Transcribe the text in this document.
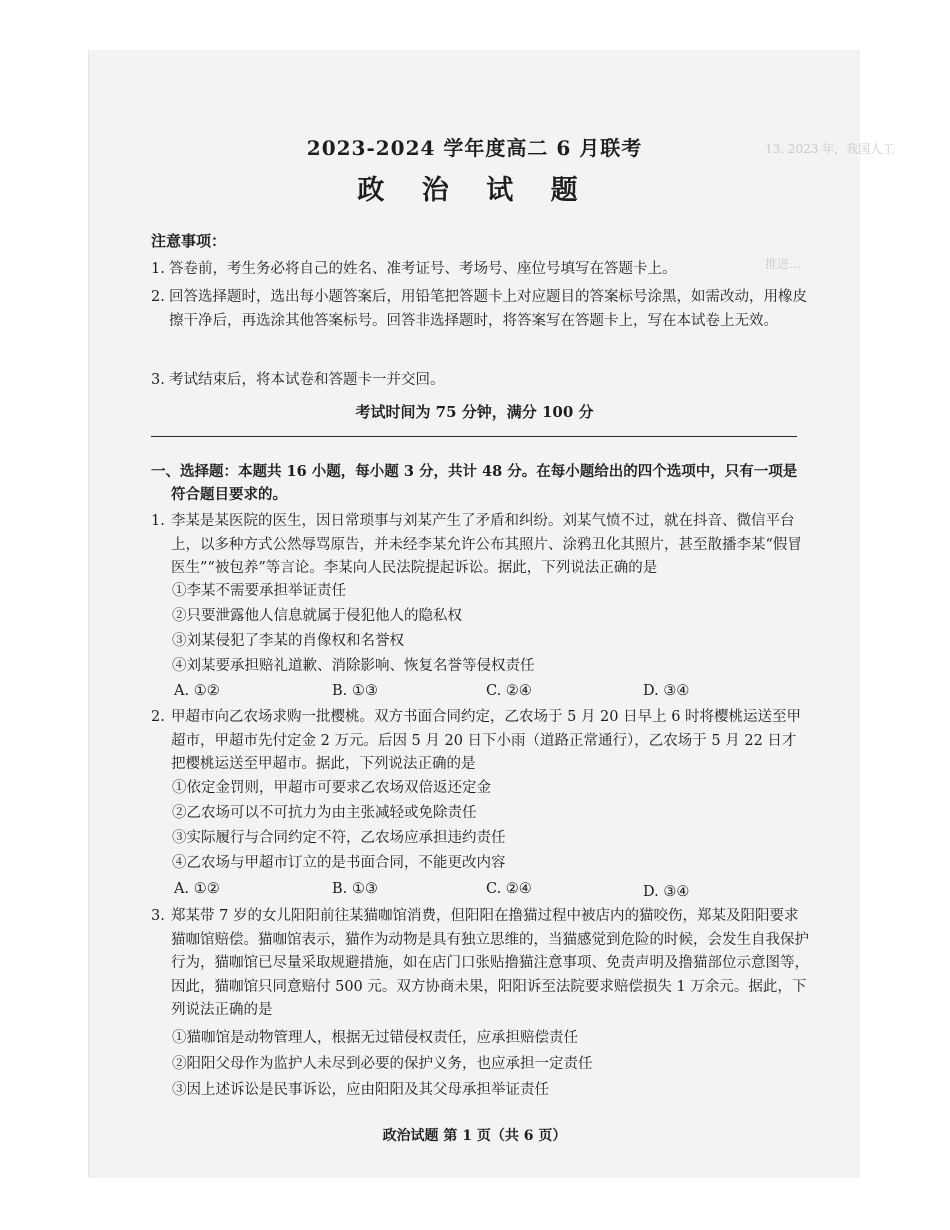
13. 2023 年，我国人工
推进…
2023-2024 学年度高二 6 月联考
政 治 试 题
注意事项：
1. 答卷前，考生务必将自己的姓名、准考证号、考场号、座位号填写在答题卡上。
2. 回答选择题时，选出每小题答案后，用铅笔把答题卡上对应题目的答案标号涂黑，如需改动，用橡皮擦干净后，再选涂其他答案标号。回答非选择题时，将答案写在答题卡上，写在本试卷上无效。
3. 考试结束后，将本试卷和答题卡一并交回。
考试时间为 75 分钟，满分 100 分
一、选择题：本题共 16 小题，每小题 3 分，共计 48 分。在每小题给出的四个选项中，只有一项是符合题目要求的。
1. 李某是某医院的医生，因日常琐事与刘某产生了矛盾和纠纷。刘某气愤不过，就在抖音、微信平台上，以多种方式公然辱骂原告，并未经李某允许公布其照片、涂鸦丑化其照片，甚至散播李某“假冒医生”“被包养”等言论。李某向人民法院提起诉讼。据此，下列说法正确的是
①李某不需要承担举证责任
②只要泄露他人信息就属于侵犯他人的隐私权
③刘某侵犯了李某的肖像权和名誉权
④刘某要承担赔礼道歉、消除影响、恢复名誉等侵权责任
A. ①②	B. ①③	C. ②④	D. ③④
2. 甲超市向乙农场求购一批樱桃。双方书面合同约定，乙农场于 5 月 20 日早上 6 时将樱桃运送至甲超市，甲超市先付定金 2 万元。后因 5 月 20 日下小雨（道路正常通行），乙农场于 5 月 22 日才把樱桃运送至甲超市。据此，下列说法正确的是
①依定金罚则，甲超市可要求乙农场双倍返还定金
②乙农场可以不可抗力为由主张减轻或免除责任
③实际履行与合同约定不符，乙农场应承担违约责任
④乙农场与甲超市订立的是书面合同，不能更改内容
A. ①②	B. ①③	C. ②④	D. ③④
3. 郑某带 7 岁的女儿阳阳前往某猫咖馆消费，但阳阳在撸猫过程中被店内的猫咬伤，郑某及阳阳要求猫咖馆赔偿。猫咖馆表示，猫作为动物是具有独立思维的，当猫感觉到危险的时候，会发生自我保护行为，猫咖馆已尽量采取规避措施，如在店门口张贴撸猫注意事项、免责声明及撸猫部位示意图等，因此，猫咖馆只同意赔付 500 元。双方协商未果，阳阳诉至法院要求赔偿损失 1 万余元。据此，下列说法正确的是
①猫咖馆是动物管理人，根据无过错侵权责任，应承担赔偿责任
②阳阳父母作为监护人未尽到必要的保护义务，也应承担一定责任
③因上述诉讼是民事诉讼，应由阳阳及其父母承担举证责任
政治试题 第 1 页（共 6 页）
